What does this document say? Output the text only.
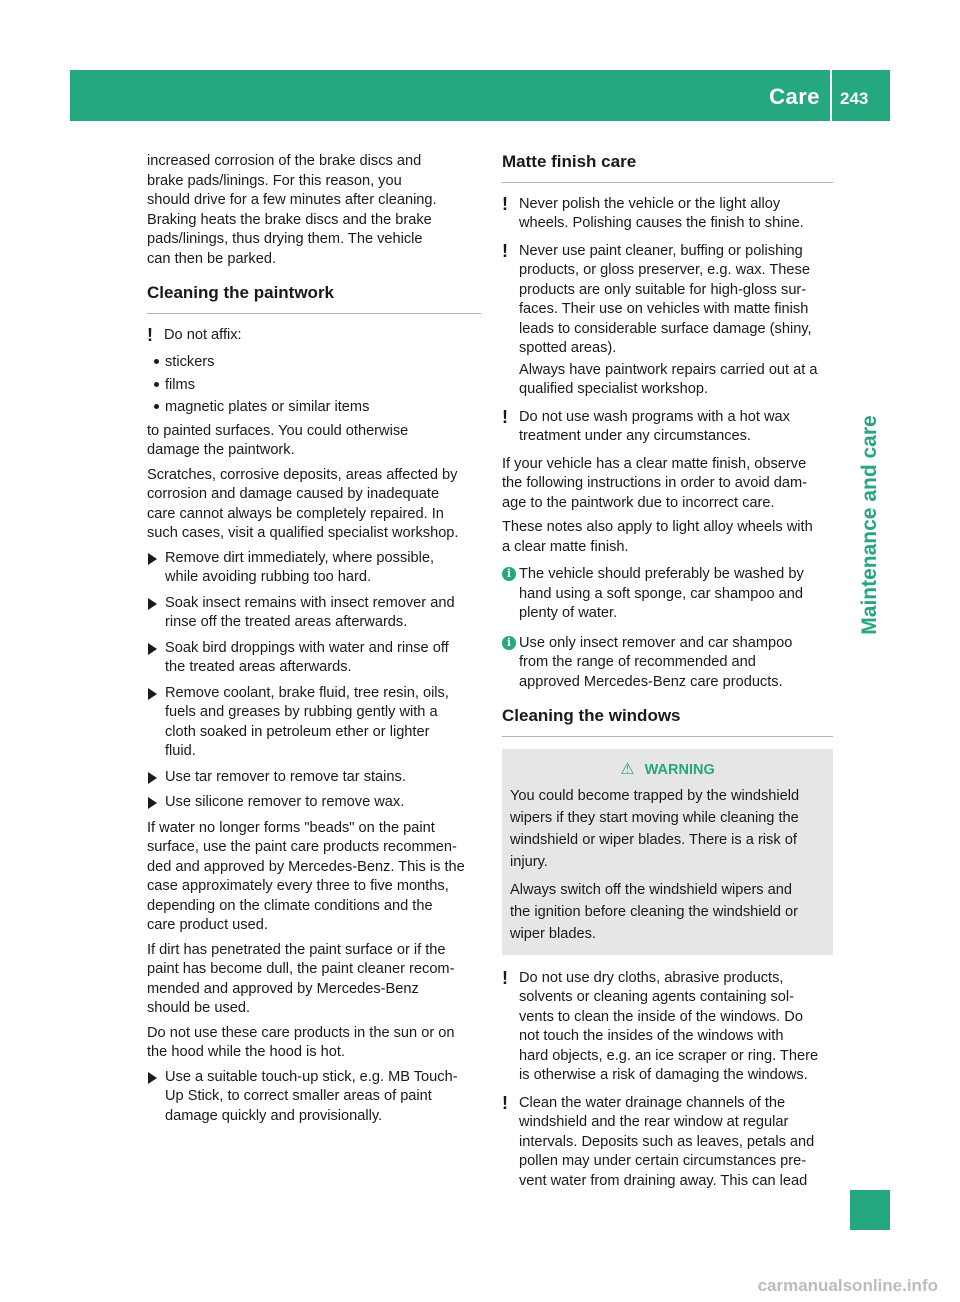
Care 243
Maintenance and care

increased corrosion of the brake discs and
brake pads/linings. For this reason, you
should drive for a few minutes after cleaning.
Braking heats the brake discs and the brake
pads/linings, thus drying them. The vehicle
can then be parked.

Cleaning the paintwork
! Do not affix:
stickers
films
magnetic plates or similar items

to painted surfaces. You could otherwise
damage the paintwork.

Scratches, corrosive deposits, areas affected by
corrosion and damage caused by inadequate
care cannot always be completely repaired. In
such cases, visit a qualified specialist workshop.

Remove dirt immediately, where possible,
while avoiding rubbing too hard.
Soak insect remains with insect remover and
rinse off the treated areas afterwards.
Soak bird droppings with water and rinse off
the treated areas afterwards.
Remove coolant, brake fluid, tree resin, oils,
fuels and greases by rubbing gently with a
cloth soaked in petroleum ether or lighter
fluid.
Use tar remover to remove tar stains.
Use silicone remover to remove wax.

If water no longer forms "beads" on the paint
surface, use the paint care products recommen-
ded and approved by Mercedes-Benz. This is the
case approximately every three to five months,
depending on the climate conditions and the
care product used.

If dirt has penetrated the paint surface or if the
paint has become dull, the paint cleaner recom-
mended and approved by Mercedes-Benz
should be used.

Do not use these care products in the sun or on
the hood while the hood is hot.

Use a suitable touch-up stick, e.g. MB Touch-
Up Stick, to correct smaller areas of paint
damage quickly and provisionally.
Matte finish care
! Never polish the vehicle or the light alloy
wheels. Polishing causes the finish to shine.
! Never use paint cleaner, buffing or polishing
products, or gloss preserver, e.g. wax. These
products are only suitable for high-gloss sur-
faces. Their use on vehicles with matte finish
leads to considerable surface damage (shiny,
spotted areas).

Always have paintwork repairs carried out at a
qualified specialist workshop.

! Do not use wash programs with a hot wax
treatment under any circumstances.

If your vehicle has a clear matte finish, observe
the following instructions in order to avoid dam-
age to the paintwork due to incorrect care.

These notes also apply to light alloy wheels with
a clear matte finish.

i The vehicle should preferably be washed by
hand using a soft sponge, car shampoo and
plenty of water.
i Use only insect remover and car shampoo
from the range of recommended and
approved Mercedes-Benz care products.
Cleaning the windows
⚠ WARNING

You could become trapped by the windshield
wipers if they start moving while cleaning the
windshield or wiper blades. There is a risk of
injury.

Always switch off the windshield wipers and
the ignition before cleaning the windshield or
wiper blades.

! Do not use dry cloths, abrasive products,
solvents or cleaning agents containing sol-
vents to clean the inside of the windows. Do
not touch the insides of the windows with
hard objects, e.g. an ice scraper or ring. There
is otherwise a risk of damaging the windows.
! Clean the water drainage channels of the
windshield and the rear window at regular
intervals. Deposits such as leaves, petals and
pollen may under certain circumstances pre-
vent water from draining away. This can lead
carmanualsonline.info
